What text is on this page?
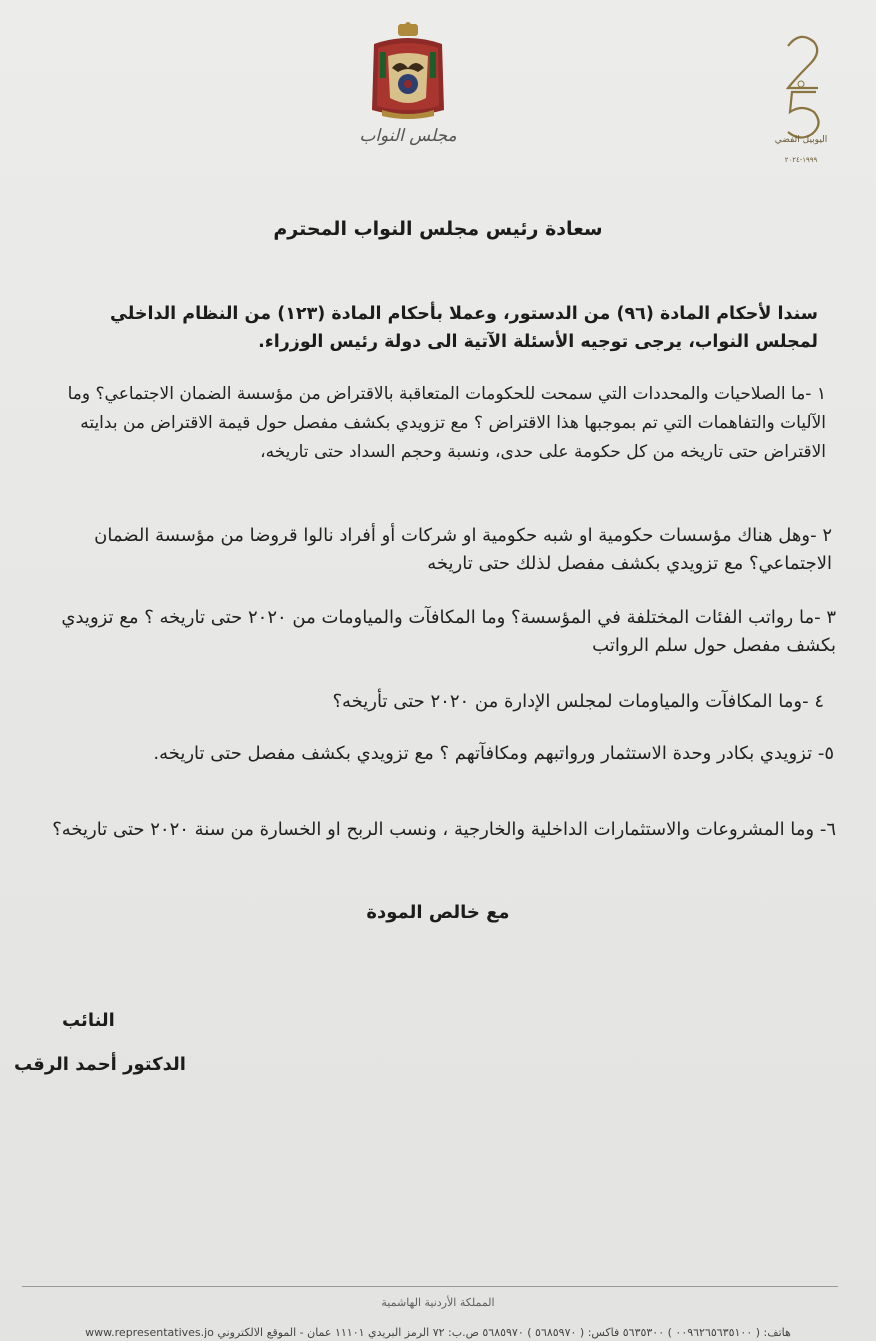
مجلس النواب	اليوبيل الفضي
١٩٩٩-٢٠٢٤
سعادة رئيس مجلس النواب المحترم
سندا لأحكام المادة (٩٦) من الدستور، وعملا بأحكام المادة (١٢٣) من النظام الداخلي لمجلس النواب، يرجى توجيه الأسئلة الآتية الى دولة رئيس الوزراء.
١ -ما الصلاحيات والمحددات التي سمحت للحكومات المتعاقبة بالاقتراض من مؤسسة الضمان الاجتماعي؟ وما الآليات والتفاهمات التي تم بموجبها هذا الاقتراض ؟ مع تزويدي بكشف مفصل حول قيمة الاقتراض من بدايته الاقتراض حتى تاريخه من كل حكومة على حدى، ونسبة وحجم السداد حتى تاريخه،
٢ -وهل هناك مؤسسات حكومية او شبه حكومية او شركات أو أفراد نالوا قروضا من مؤسسة الضمان الاجتماعي؟ مع تزويدي بكشف مفصل لذلك حتى تاريخه
٣ -ما رواتب الفئات المختلفة في المؤسسة؟ وما المكافآت والمياومات من ٢٠٢٠ حتى تاريخه ؟ مع تزويدي بكشف مفصل حول سلم الرواتب
٤ -وما المكافآت والمياومات لمجلس الإدارة من ٢٠٢٠ حتى تأريخه؟
٥- تزويدي بكادر وحدة الاستثمار ورواتبهم ومكافآتهم ؟ مع تزويدي بكشف مفصل حتى تاريخه.
٦- وما المشروعات والاستثمارات الداخلية والخارجية ، ونسب الربح او الخسارة من سنة ٢٠٢٠ حتى تاريخه؟
مع خالص المودة
النائب
الدكتور أحمد الرقب
المملكة الأردنية الهاشمية
هاتف: ( ٠٠٩٦٢٦٥٦٣٥١٠٠ ) ٥٦٣٥٣٠٠ فاكس: ( ٥٦٨٥٩٧٠ ) ٥٦٨٥٩٧٠ ص.ب: ٧٢ الرمز البريدي ١١١٠١ عمان - الموقع الالكتروني www.representatives.jo
